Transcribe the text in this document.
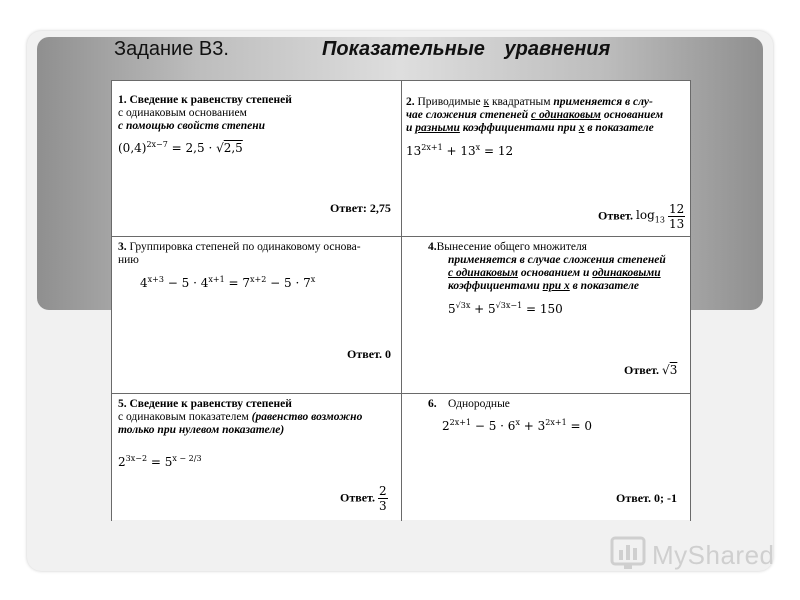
Задание В3.	Показательные уравнения
1. Сведение к равенству степеней
с одинаковым основанием
с помощью свойств степени
$(0,4)^{2x-7} = 2,5 \cdot √2,5$
Ответ: 2,75
2. Приводимые к квадратным применяется в слу-
чае сложения степеней с одинаковым основанием
и разными коэффициентами при х в показателе
$13^{2x+1} + 13^x = 12$
Ответ. $\log_{13} \frac{12}{13}$
3. Группировка степеней по одинаковому основа-
нию
$4^{x+3} - 5 \cdot 4^{x+1} = 7^{x+2} - 5 \cdot 7^x$
Ответ. 0
4.Вынесение общего множителя
применяется в случае сложения степеней
с одинаковым основанием и одинаковыми
коэффициентами при х в показателе
$5^{√3x} + 5^{√3x-1} = 150$
Ответ. √3
5. Сведение к равенству степеней
с одинаковым показателем (равенство возможно
только при нулевом показателе)
$2^{3x-2} = 5^{x - 2/3}$
Ответ. $\frac{2}{3}$
6. Однородные
$2^{2x+1} - 5 \cdot 6^x + 3^{2x+1} = 0$
Ответ. 0; -1
MyShared
